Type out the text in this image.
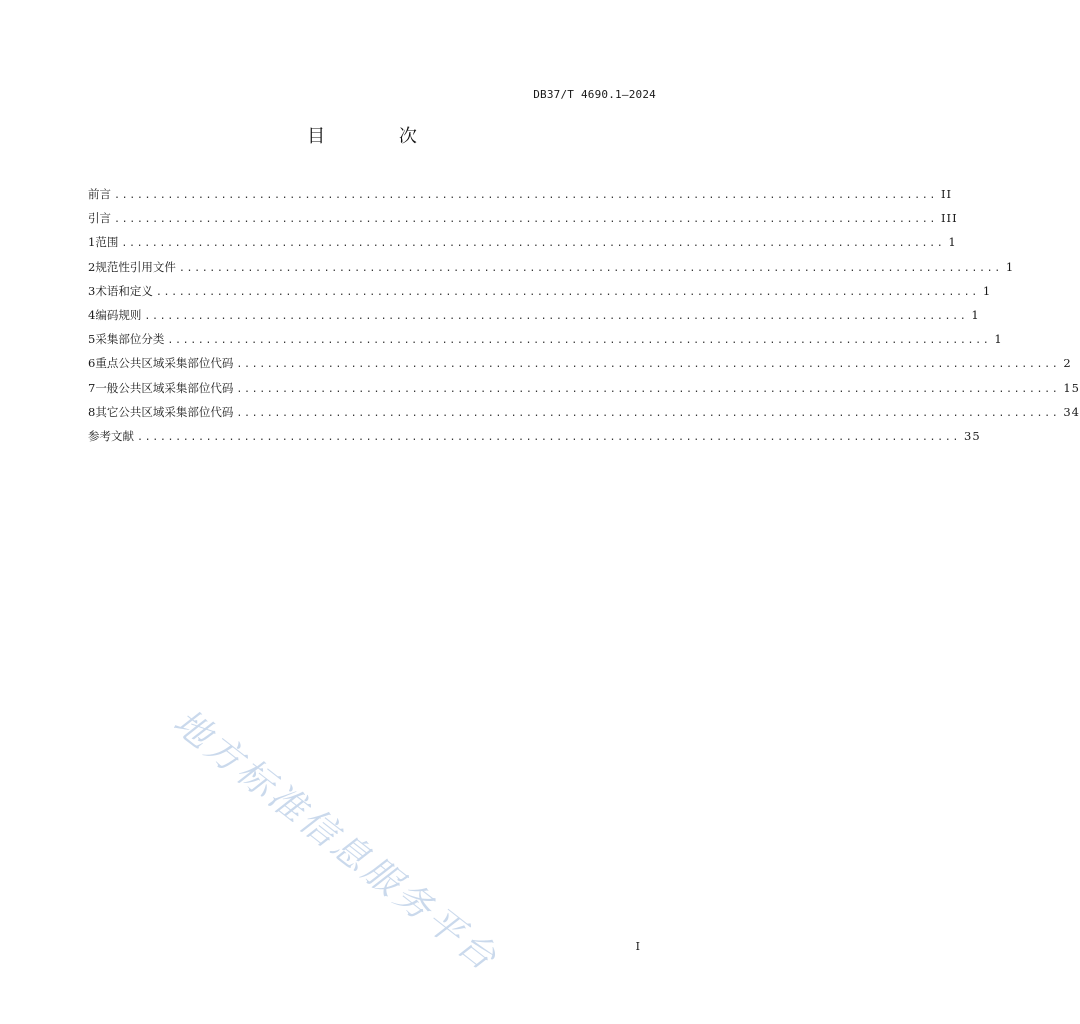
DB37/T 4690.1—2024
目 次
前言 ............................................................................................................ II
引言 ............................................................................................................ III
1 范围 ............................................................................................................ 1
2 规范性引用文件 ............................................................................................................ 1
3 术语和定义 ............................................................................................................ 1
4 编码规则 ............................................................................................................ 1
5 采集部位分类 ............................................................................................................ 1
6 重点公共区域采集部位代码 ............................................................................................................ 2
7 一般公共区域采集部位代码 ............................................................................................................ 15
8 其它公共区域采集部位代码 ............................................................................................................ 34
参考文献 ............................................................................................................ 35
地方标准信息服务平台	I
